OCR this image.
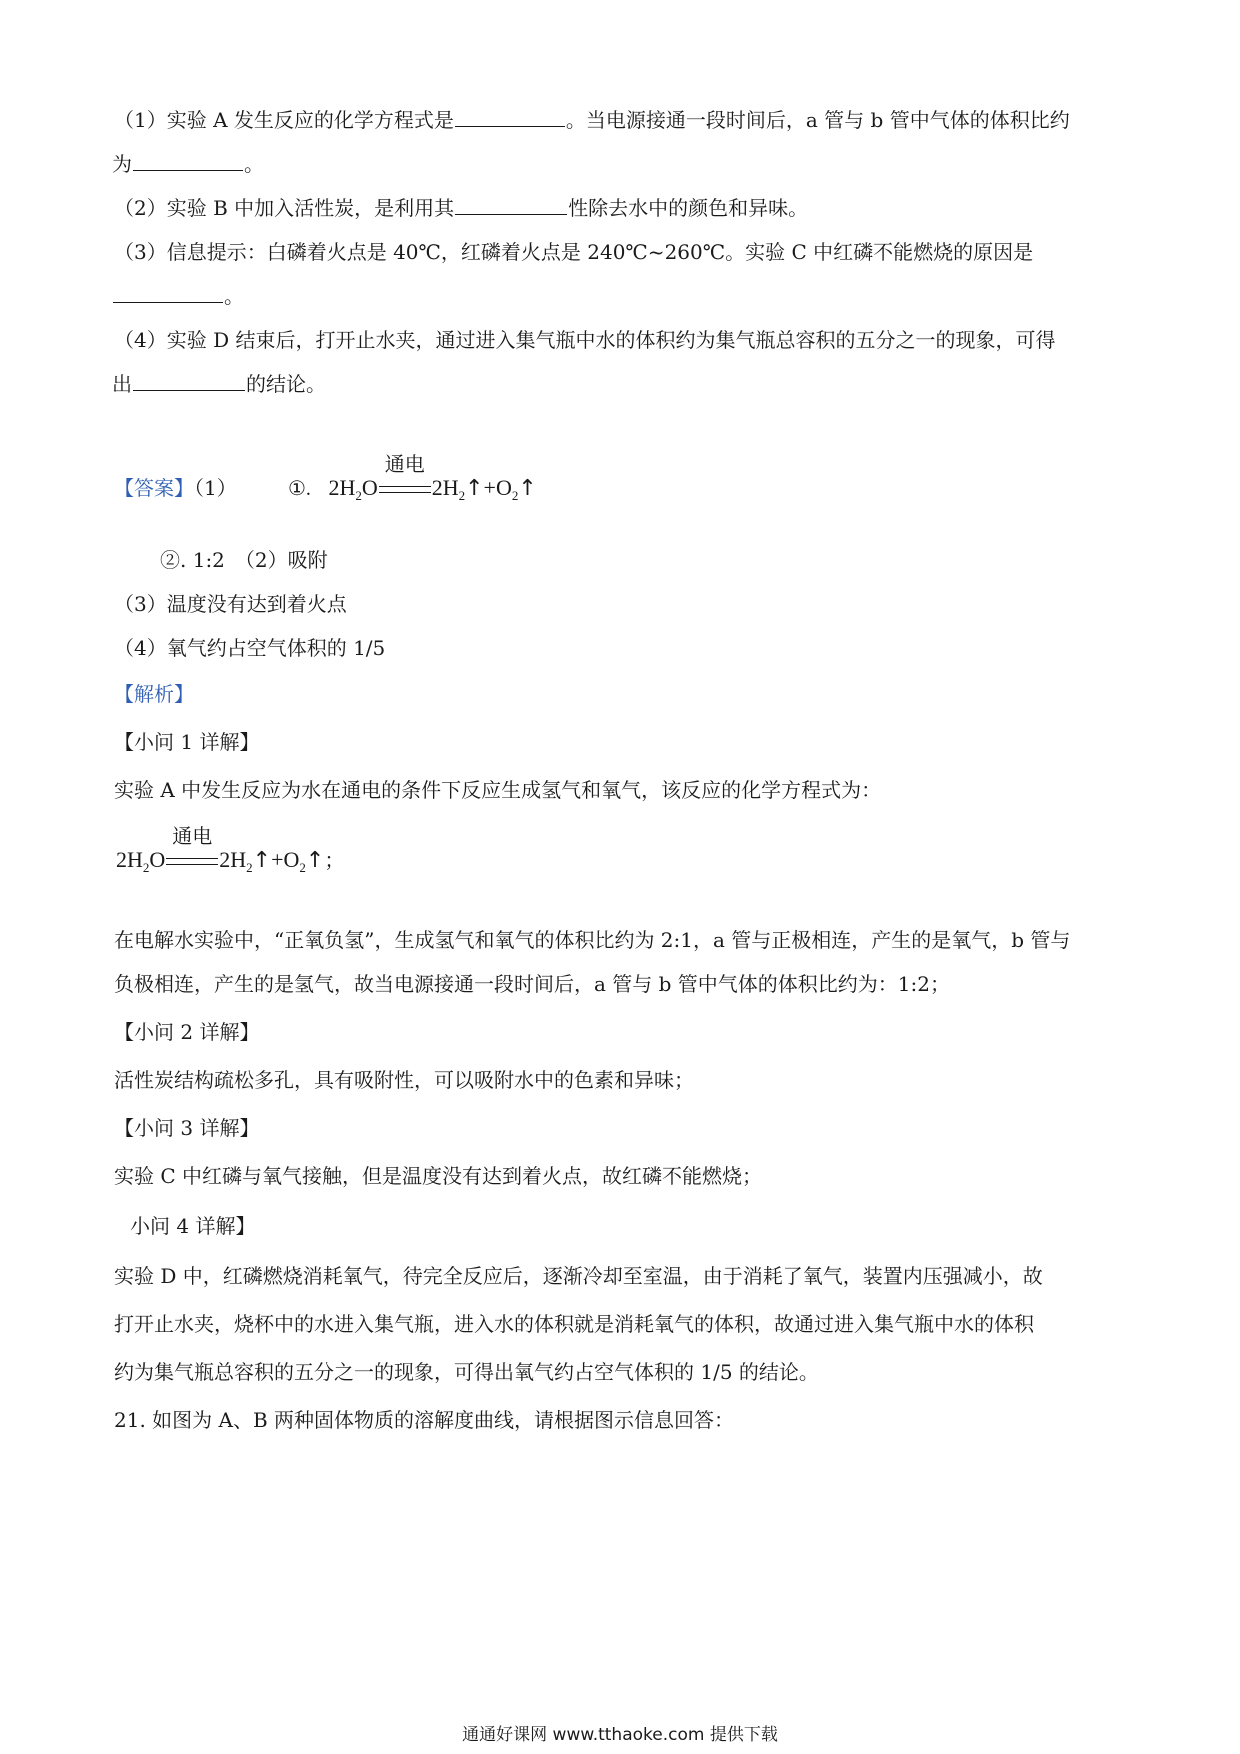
（1）实验 A 发生反应的化学方程式是	。当电源接通一段时间后，a 管与 b 管中气体的体积比约
为	。
（2）实验 B 中加入活性炭，是利用其	性除去水中的颜色和异味。
（3）信息提示：白磷着火点是 40℃，红磷着火点是 240℃~260℃。实验 C 中红磷不能燃烧的原因是
。
（4）实验 D 结束后，打开止水夹，通过进入集气瓶中水的体积约为集气瓶总容积的五分之一的现象，可得
出	的结论。
【答案】（1）	①. $2H_2O$
通电
$2H_2↑+O_2↑$
②. 1:2　（2）吸附
（3）温度没有达到着火点
（4）氧气约占空气体积的 1/5
【解析】
【小问 1 详解】
实验 A 中发生反应为水在通电的条件下反应生成氢气和氧气，该反应的化学方程式为：
$2H_2O$
通电
$2H_2↑+O_2↑$；
在电解水实验中，“正氧负氢”，生成氢气和氧气的体积比约为 2:1，a 管与正极相连，产生的是氧气，b 管与
负极相连，产生的是氢气，故当电源接通一段时间后，a 管与 b 管中气体的体积比约为：1:2；
【小问 2 详解】
活性炭结构疏松多孔，具有吸附性，可以吸附水中的色素和异味；
【小问 3 详解】
实验 C 中红磷与氧气接触，但是温度没有达到着火点，故红磷不能燃烧；
小问 4 详解】
实验 D 中，红磷燃烧消耗氧气，待完全反应后，逐渐冷却至室温，由于消耗了氧气，装置内压强减小，故
打开止水夹，烧杯中的水进入集气瓶，进入水的体积就是消耗氧气的体积，故通过进入集气瓶中水的体积
约为集气瓶总容积的五分之一的现象，可得出氧气约占空气体积的 1/5 的结论。
21. 如图为 A、B 两种固体物质的溶解度曲线，请根据图示信息回答：
通通好课网 www.tthaoke.com 提供下载
